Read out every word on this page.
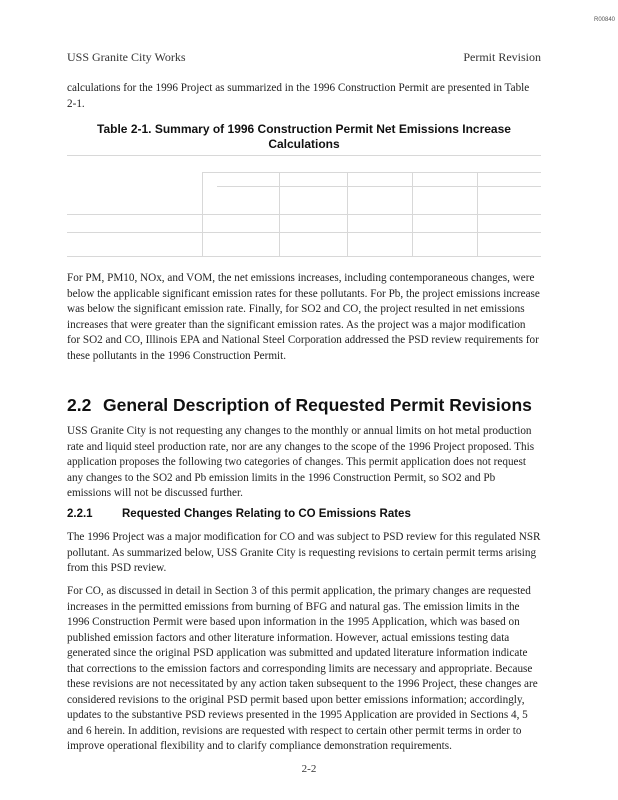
R00840
USS Granite City Works	Permit Revision
calculations for the 1996 Project as summarized in the 1996 Construction Permit are presented in Table 2-1.
Table 2-1. Summary of 1996 Construction Permit Net Emissions Increase
Calculations
For PM, PM10, NOx, and VOM, the net emissions increases, including contemporaneous changes, were below the applicable significant emission rates for these pollutants. For Pb, the project emissions increase was below the significant emission rate. Finally, for SO2 and CO, the project resulted in net emissions increases that were greater than the significant emission rates. As the project was a major modification for SO2 and CO, Illinois EPA and National Steel Corporation addressed the PSD review requirements for these pollutants in the 1996 Construction Permit.
2.2 General Description of Requested Permit Revisions
USS Granite City is not requesting any changes to the monthly or annual limits on hot metal production rate and liquid steel production rate, nor are any changes to the scope of the 1996 Project proposed. This application proposes the following two categories of changes. This permit application does not request any changes to the SO2 and Pb emission limits in the 1996 Construction Permit, so SO2 and Pb emissions will not be discussed further.
2.2.1	Requested Changes Relating to CO Emissions Rates
The 1996 Project was a major modification for CO and was subject to PSD review for this regulated NSR pollutant. As summarized below, USS Granite City is requesting revisions to certain permit terms arising from this PSD review.
For CO, as discussed in detail in Section 3 of this permit application, the primary changes are requested increases in the permitted emissions from burning of BFG and natural gas. The emission limits in the 1996 Construction Permit were based upon information in the 1995 Application, which was based on published emission factors and other literature information. However, actual emissions testing data generated since the original PSD application was submitted and updated literature information indicate that corrections to the emission factors and corresponding limits are necessary and appropriate. Because these revisions are not necessitated by any action taken subsequent to the 1996 Project, these changes are considered revisions to the original PSD permit based upon better emissions information; accordingly, updates to the substantive PSD reviews presented in the 1995 Application are provided in Sections 4, 5 and 6 herein. In addition, revisions are requested with respect to certain other permit terms in order to improve operational flexibility and to clarify compliance demonstration requirements.
2-2
